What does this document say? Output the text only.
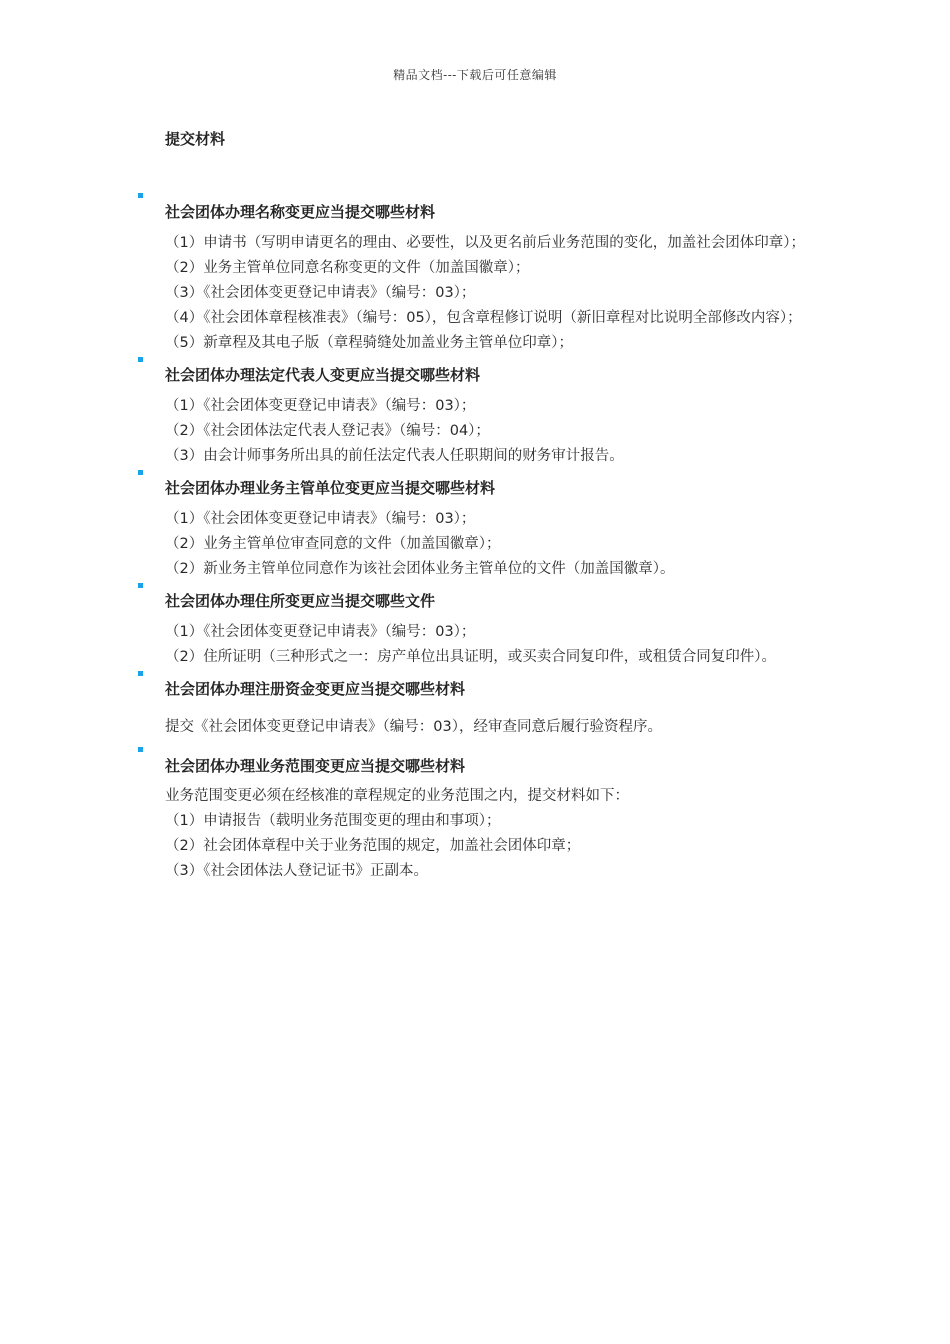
精品文档---下载后可任意编辑
提交材料

社会团体办理名称变更应当提交哪些材料

（1）申请书（写明申请更名的理由、必要性，以及更名前后业务范围的变化，加盖社会团体印章）；

（2）业务主管单位同意名称变更的文件（加盖国徽章）；

（3）《社会团体变更登记申请表》（编号：03）；

（4）《社会团体章程核准表》（编号：05），包含章程修订说明（新旧章程对比说明全部修改内容）；

（5）新章程及其电子版（章程骑缝处加盖业务主管单位印章）；

社会团体办理法定代表人变更应当提交哪些材料

（1）《社会团体变更登记申请表》（编号：03）；

（2）《社会团体法定代表人登记表》（编号：04）；

（3）由会计师事务所出具的前任法定代表人任职期间的财务审计报告。

社会团体办理业务主管单位变更应当提交哪些材料

（1）《社会团体变更登记申请表》（编号：03）；

（2）业务主管单位审查同意的文件（加盖国徽章）；

（2）新业务主管单位同意作为该社会团体业务主管单位的文件（加盖国徽章）。

社会团体办理住所变更应当提交哪些文件

（1）《社会团体变更登记申请表》（编号：03）；

（2）住所证明（三种形式之一：房产单位出具证明，或买卖合同复印件，或租赁合同复印件）。

社会团体办理注册资金变更应当提交哪些材料

提交《社会团体变更登记申请表》（编号：03），经审查同意后履行验资程序。

社会团体办理业务范围变更应当提交哪些材料

业务范围变更必须在经核准的章程规定的业务范围之内，提交材料如下：

（1）申请报告（载明业务范围变更的理由和事项）；

（2）社会团体章程中关于业务范围的规定，加盖社会团体印章；

（3）《社会团体法人登记证书》正副本。
